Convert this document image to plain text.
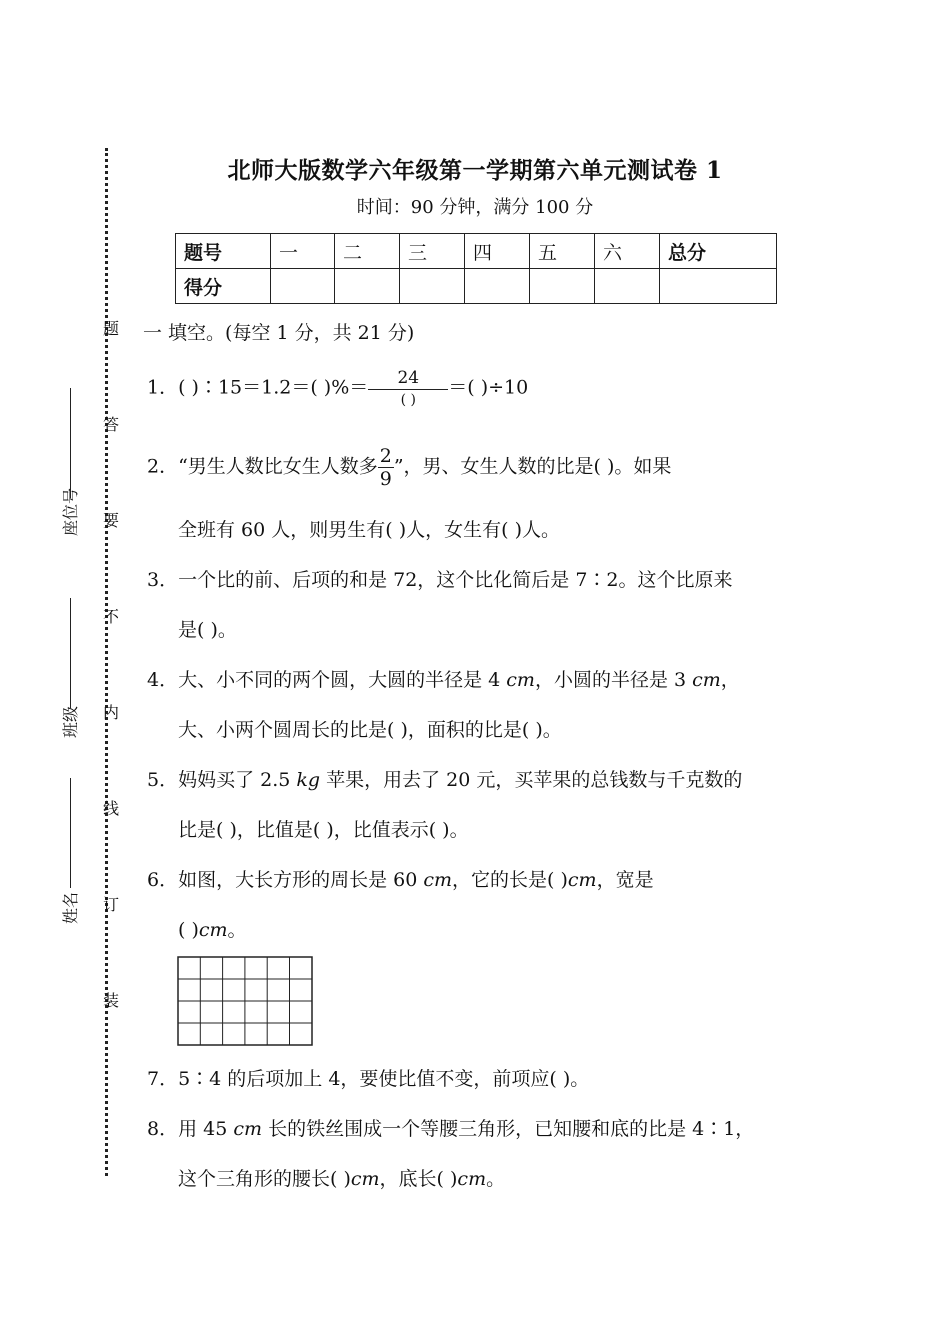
题
答
要
不
内
线
订
装
座位号
班级
姓名
北师大版数学六年级第一学期第六单元测试卷 1
时间：90 分钟，满分 100 分
题号	一	二	三	四	五	六	总分
得分							
一 填空。(每空 1 分，共 21 分)
1．( )∶15＝1.2＝( )%＝ $\frac{24}{( )}$ ＝( )÷10
2．“男生人数比女生人数多 $\frac{2}{9}$ ”，男、女生人数的比是( )。如果
全班有 60 人，则男生有( )人，女生有( )人。
3．一个比的前、后项的和是 72，这个比化简后是 7∶2。这个比原来
是( )。
4．大、小不同的两个圆，大圆的半径是 4 cm，小圆的半径是 3 cm，
大、小两个圆周长的比是( )，面积的比是( )。
5．妈妈买了 2.5 kg 苹果，用去了 20 元，买苹果的总钱数与千克数的
比是( )，比值是( )，比值表示( )。
6．如图，大长方形的周长是 60 cm，它的长是( )cm，宽是
( )cm。
7．5∶4 的后项加上 4，要使比值不变，前项应( )。
8．用 45 cm 长的铁丝围成一个等腰三角形，已知腰和底的比是 4∶1，
这个三角形的腰长( )cm，底长( )cm。
